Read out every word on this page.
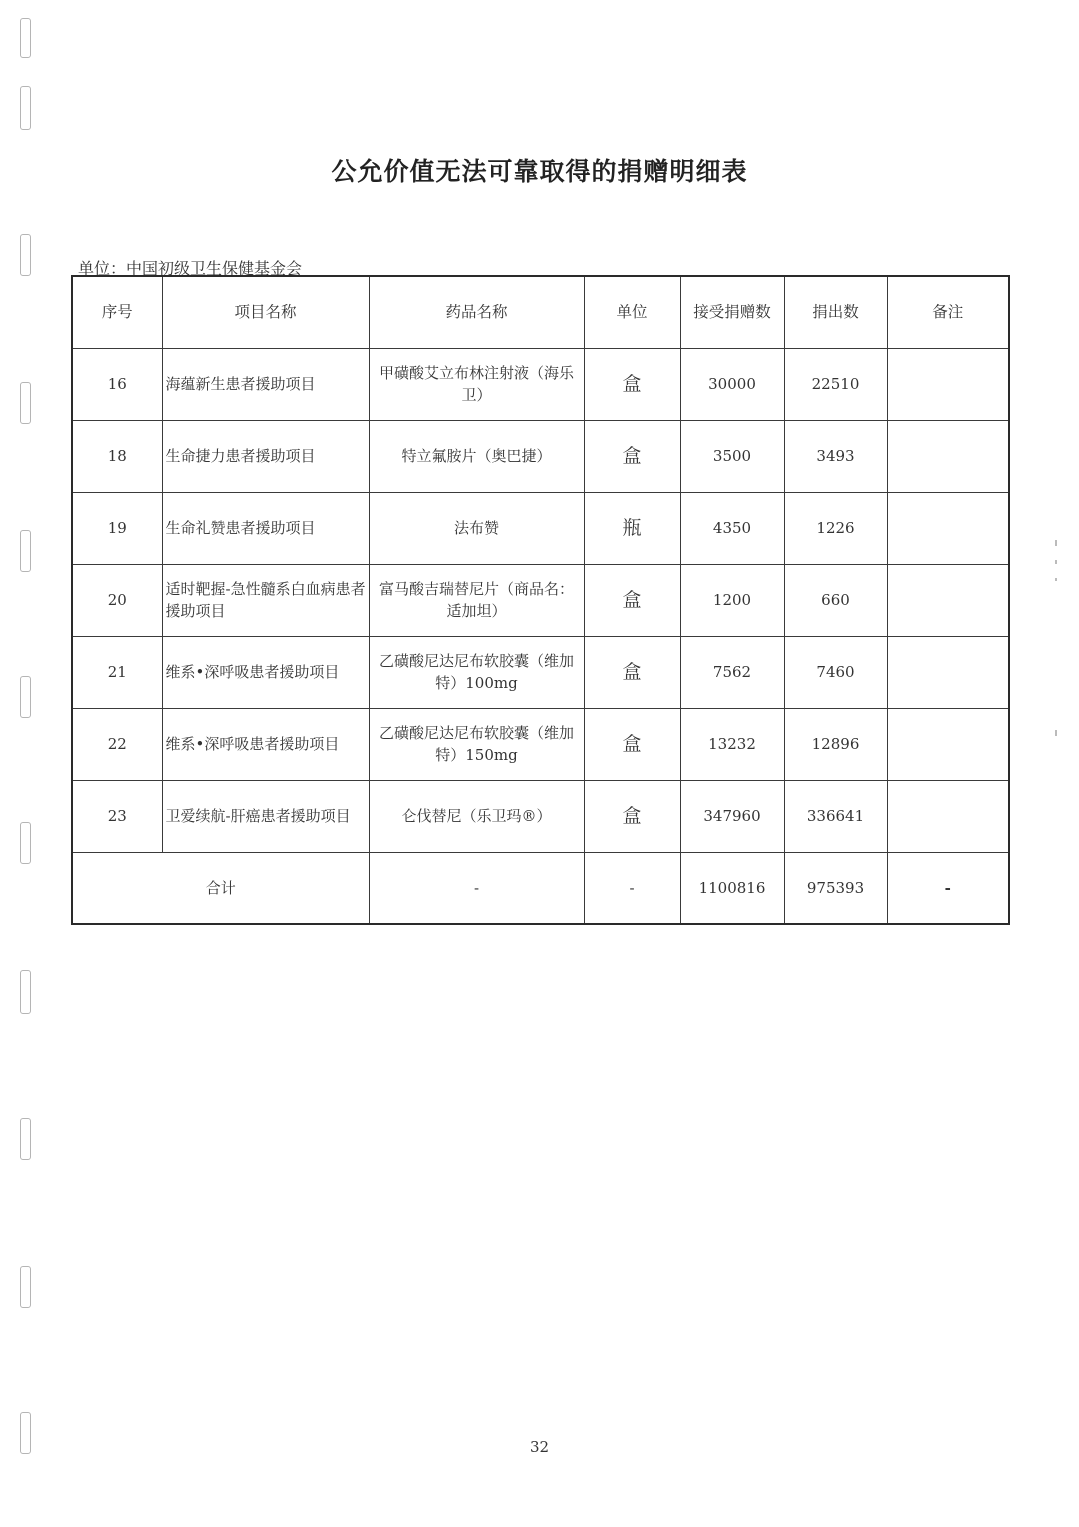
公允价值无法可靠取得的捐赠明细表
单位：中国初级卫生保健基金会
序号	项目名称	药品名称	单位	接受捐赠数	捐出数	备注
16	海蕴新生患者援助项目	甲磺酸艾立布林注射液（海乐卫）	盒	30000	22510	
18	生命捷力患者援助项目	特立氟胺片（奥巴捷）	盒	3500	3493	
19	生命礼赞患者援助项目	法布赞	瓶	4350	1226	
20	适时靶握-急性髓系白血病患者援助项目	富马酸吉瑞替尼片（商品名：适加坦）	盒	1200	660	
21	维系•深呼吸患者援助项目	乙磺酸尼达尼布软胶囊（维加特）100mg	盒	7562	7460	
22	维系•深呼吸患者援助项目	乙磺酸尼达尼布软胶囊（维加特）150mg	盒	13232	12896	
23	卫爱续航-肝癌患者援助项目	仑伐替尼（乐卫玛®）	盒	347960	336641	
合计		-	-	1100816	975393	-
32
